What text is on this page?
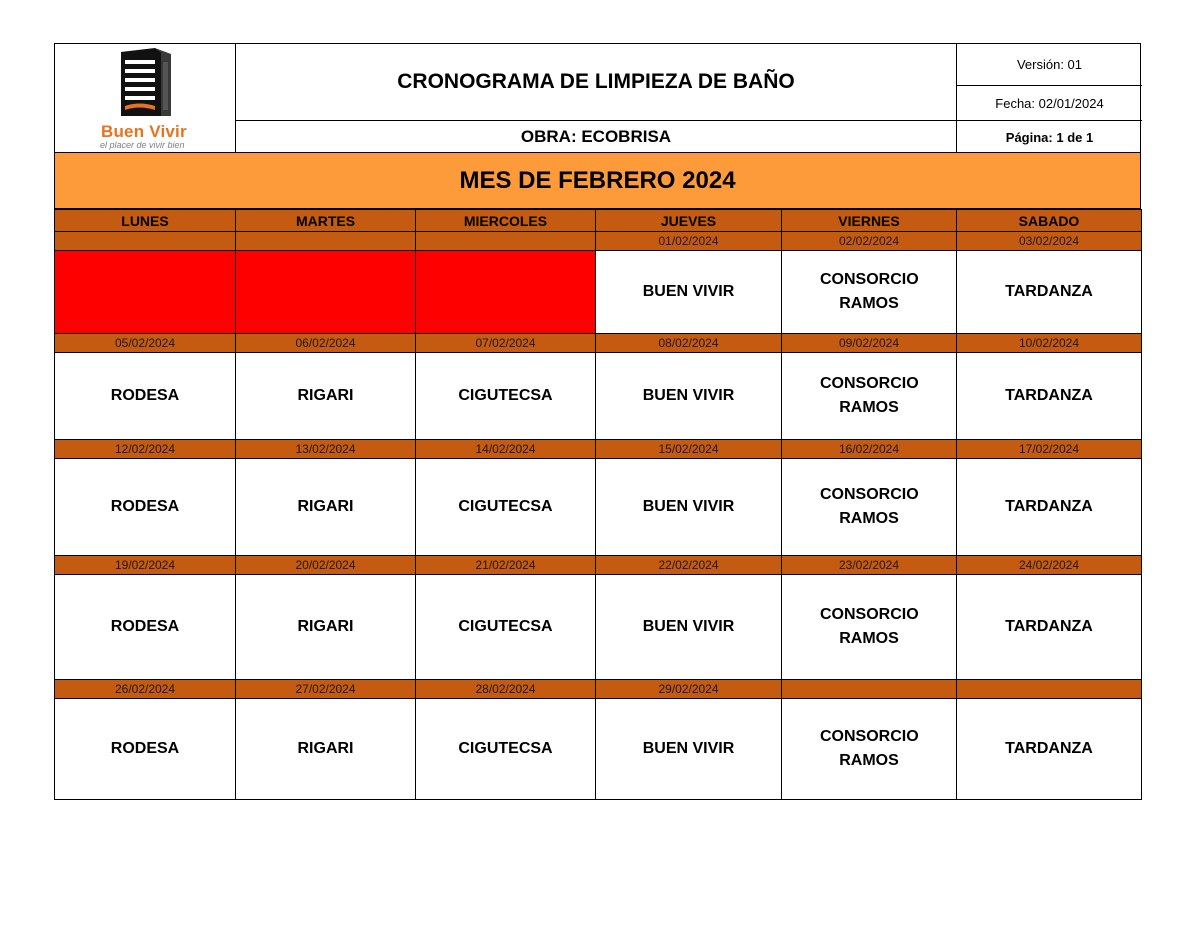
Buen Vivir
el placer de vivir bien
CRONOGRAMA DE LIMPIEZA DE BAÑO
OBRA: ECOBRISA
Versión: 01
Fecha: 02/01/2024
Página: 1 de 1
MES DE FEBRERO 2024
LUNES	MARTES	MIERCOLES	JUEVES	VIERNES	SABADO
			01/02/2024	02/02/2024	03/02/2024
			BUEN VIVIR	CONSORCIO RAMOS	TARDANZA
05/02/2024	06/02/2024	07/02/2024	08/02/2024	09/02/2024	10/02/2024
RODESA	RIGARI	CIGUTECSA	BUEN VIVIR	CONSORCIO RAMOS	TARDANZA
12/02/2024	13/02/2024	14/02/2024	15/02/2024	16/02/2024	17/02/2024
RODESA	RIGARI	CIGUTECSA	BUEN VIVIR	CONSORCIO RAMOS	TARDANZA
19/02/2024	20/02/2024	21/02/2024	22/02/2024	23/02/2024	24/02/2024
RODESA	RIGARI	CIGUTECSA	BUEN VIVIR	CONSORCIO RAMOS	TARDANZA
26/02/2024	27/02/2024	28/02/2024	29/02/2024		
RODESA	RIGARI	CIGUTECSA	BUEN VIVIR	CONSORCIO RAMOS	TARDANZA
